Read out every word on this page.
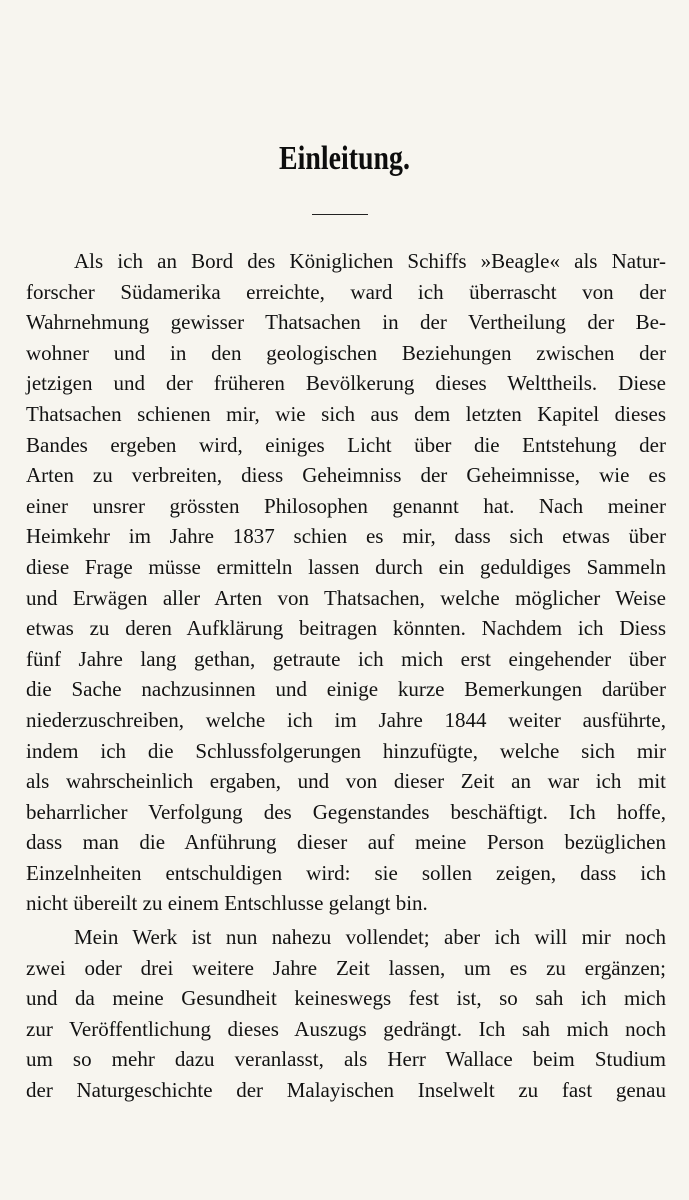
Einleitung.
Als ich an Bord des Königlichen Schiffs »Beagle« als Natur-
forscher Südamerika erreichte, ward ich überrascht von der
Wahrnehmung gewisser Thatsachen in der Vertheilung der Be-
wohner und in den geologischen Beziehungen zwischen der
jetzigen und der früheren Bevölkerung dieses Welttheils. Diese
Thatsachen schienen mir, wie sich aus dem letzten Kapitel dieses
Bandes ergeben wird, einiges Licht über die Entstehung der
Arten zu verbreiten, diess Geheimniss der Geheimnisse, wie es
einer unsrer grössten Philosophen genannt hat. Nach meiner
Heimkehr im Jahre 1837 schien es mir, dass sich etwas über
diese Frage müsse ermitteln lassen durch ein geduldiges Sammeln
und Erwägen aller Arten von Thatsachen, welche möglicher Weise
etwas zu deren Aufklärung beitragen könnten. Nachdem ich Diess
fünf Jahre lang gethan, getraute ich mich erst eingehender über
die Sache nachzusinnen und einige kurze Bemerkungen darüber
niederzuschreiben, welche ich im Jahre 1844 weiter ausführte,
indem ich die Schlussfolgerungen hinzufügte, welche sich mir
als wahrscheinlich ergaben, und von dieser Zeit an war ich mit
beharrlicher Verfolgung des Gegenstandes beschäftigt. Ich hoffe,
dass man die Anführung dieser auf meine Person bezüglichen
Einzelnheiten entschuldigen wird: sie sollen zeigen, dass ich
nicht übereilt zu einem Entschlusse gelangt bin.
Mein Werk ist nun nahezu vollendet; aber ich will mir noch
zwei oder drei weitere Jahre Zeit lassen, um es zu ergänzen;
und da meine Gesundheit keineswegs fest ist, so sah ich mich
zur Veröffentlichung dieses Auszugs gedrängt. Ich sah mich noch
um so mehr dazu veranlasst, als Herr Wallace beim Studium
der Naturgeschichte der Malayischen Inselwelt zu fast genau
